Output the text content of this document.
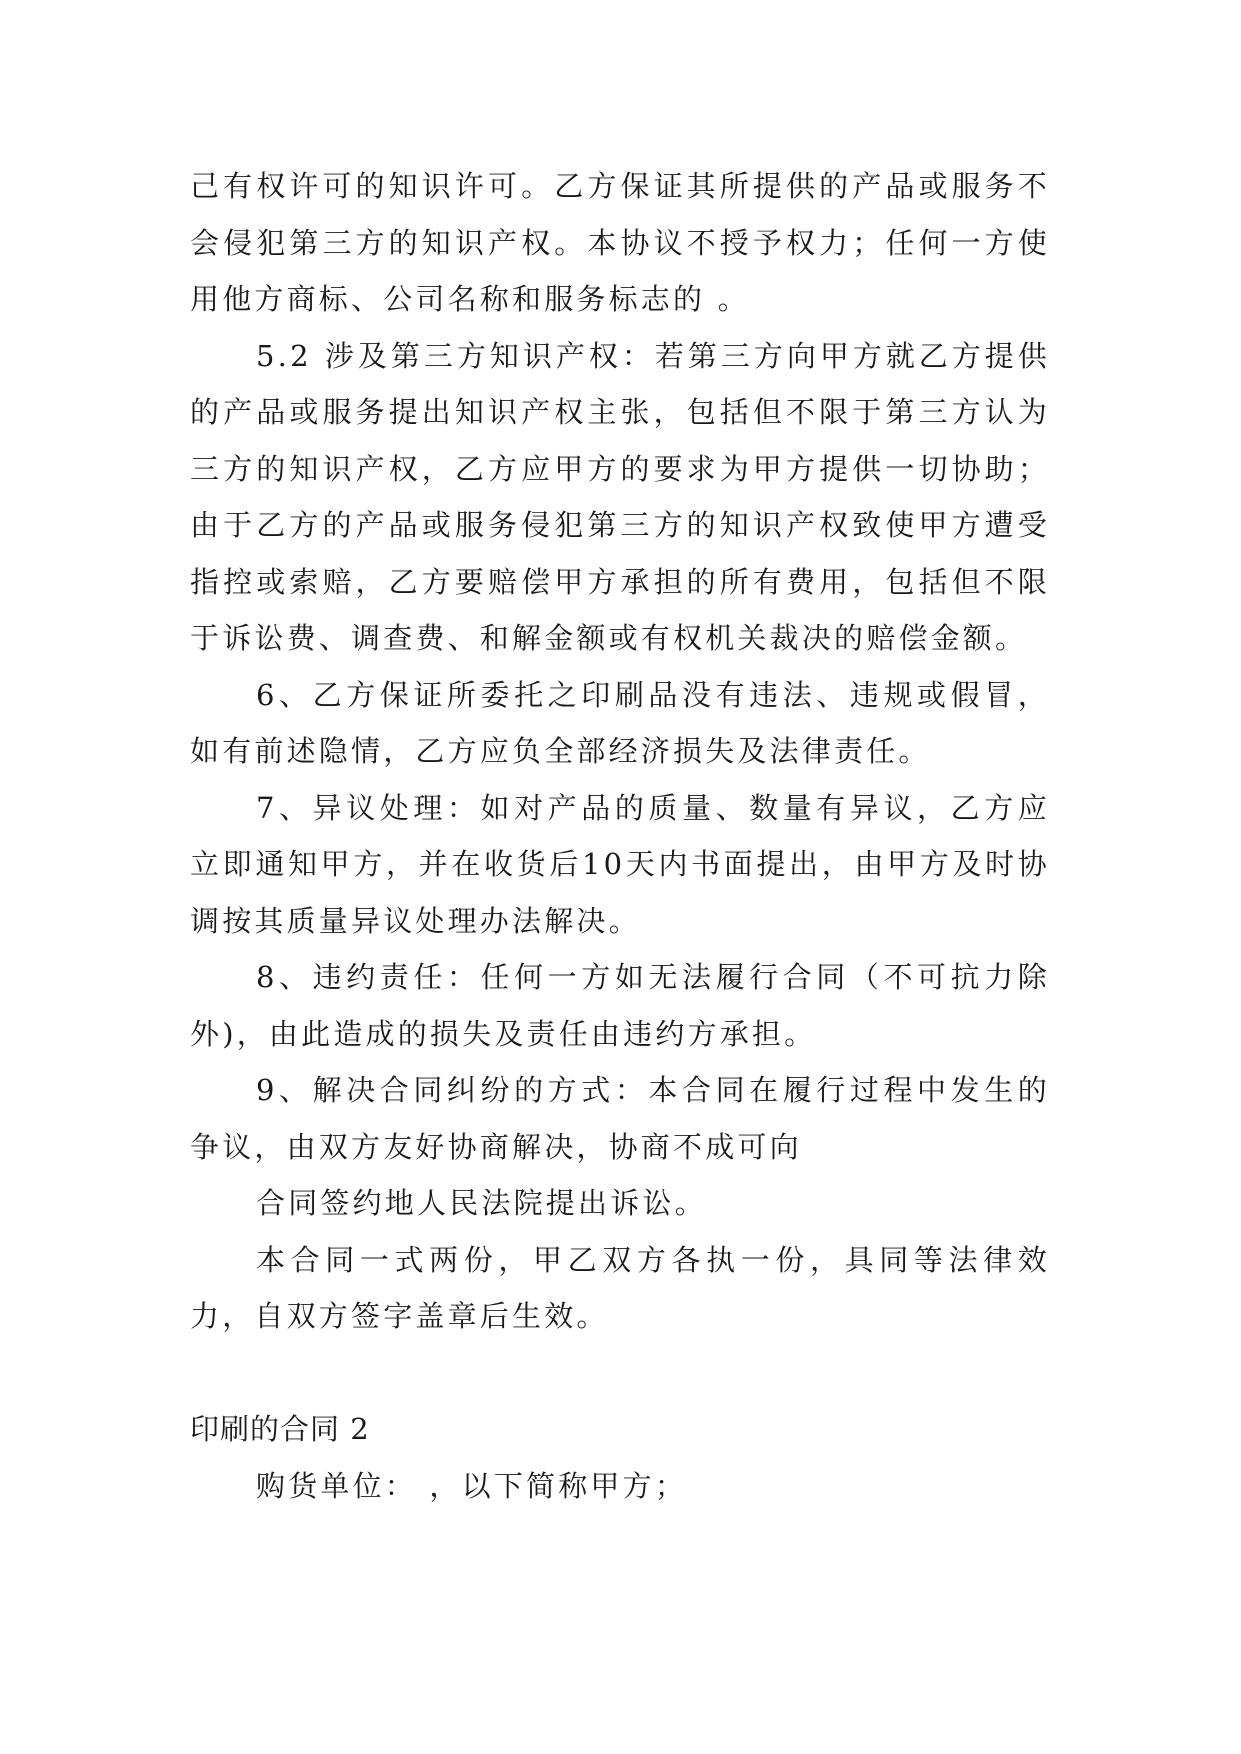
己有权许可的知识许可。乙方保证其所提供的产品或服务不会侵犯第三方的知识产权。本协议不授予权力；任何一方使用他方商标、公司名称和服务标志的 。

5.2 涉及第三方知识产权：若第三方向甲方就乙方提供的产品或服务提出知识产权主张，包括但不限于第三方认为三方的知识产权，乙方应甲方的要求为甲方提供一切协助；由于乙方的产品或服务侵犯第三方的知识产权致使甲方遭受指控或索赔，乙方要赔偿甲方承担的所有费用，包括但不限于诉讼费、调查费、和解金额或有权机关裁决的赔偿金额。

6、乙方保证所委托之印刷品没有违法、违规或假冒，如有前述隐情，乙方应负全部经济损失及法律责任。

7、异议处理：如对产品的质量、数量有异议，乙方应立即通知甲方，并在收货后10天内书面提出，由甲方及时协调按其质量异议处理办法解决。

8、违约责任：任何一方如无法履行合同（不可抗力除外)，由此造成的损失及责任由违约方承担。

9、解决合同纠纷的方式：本合同在履行过程中发生的争议，由双方友好协商解决，协商不成可向

合同签约地人民法院提出诉讼。

本合同一式两份，甲乙双方各执一份，具同等法律效力，自双方签字盖章后生效。

印刷的合同 2

购货单位： ，以下简称甲方；
